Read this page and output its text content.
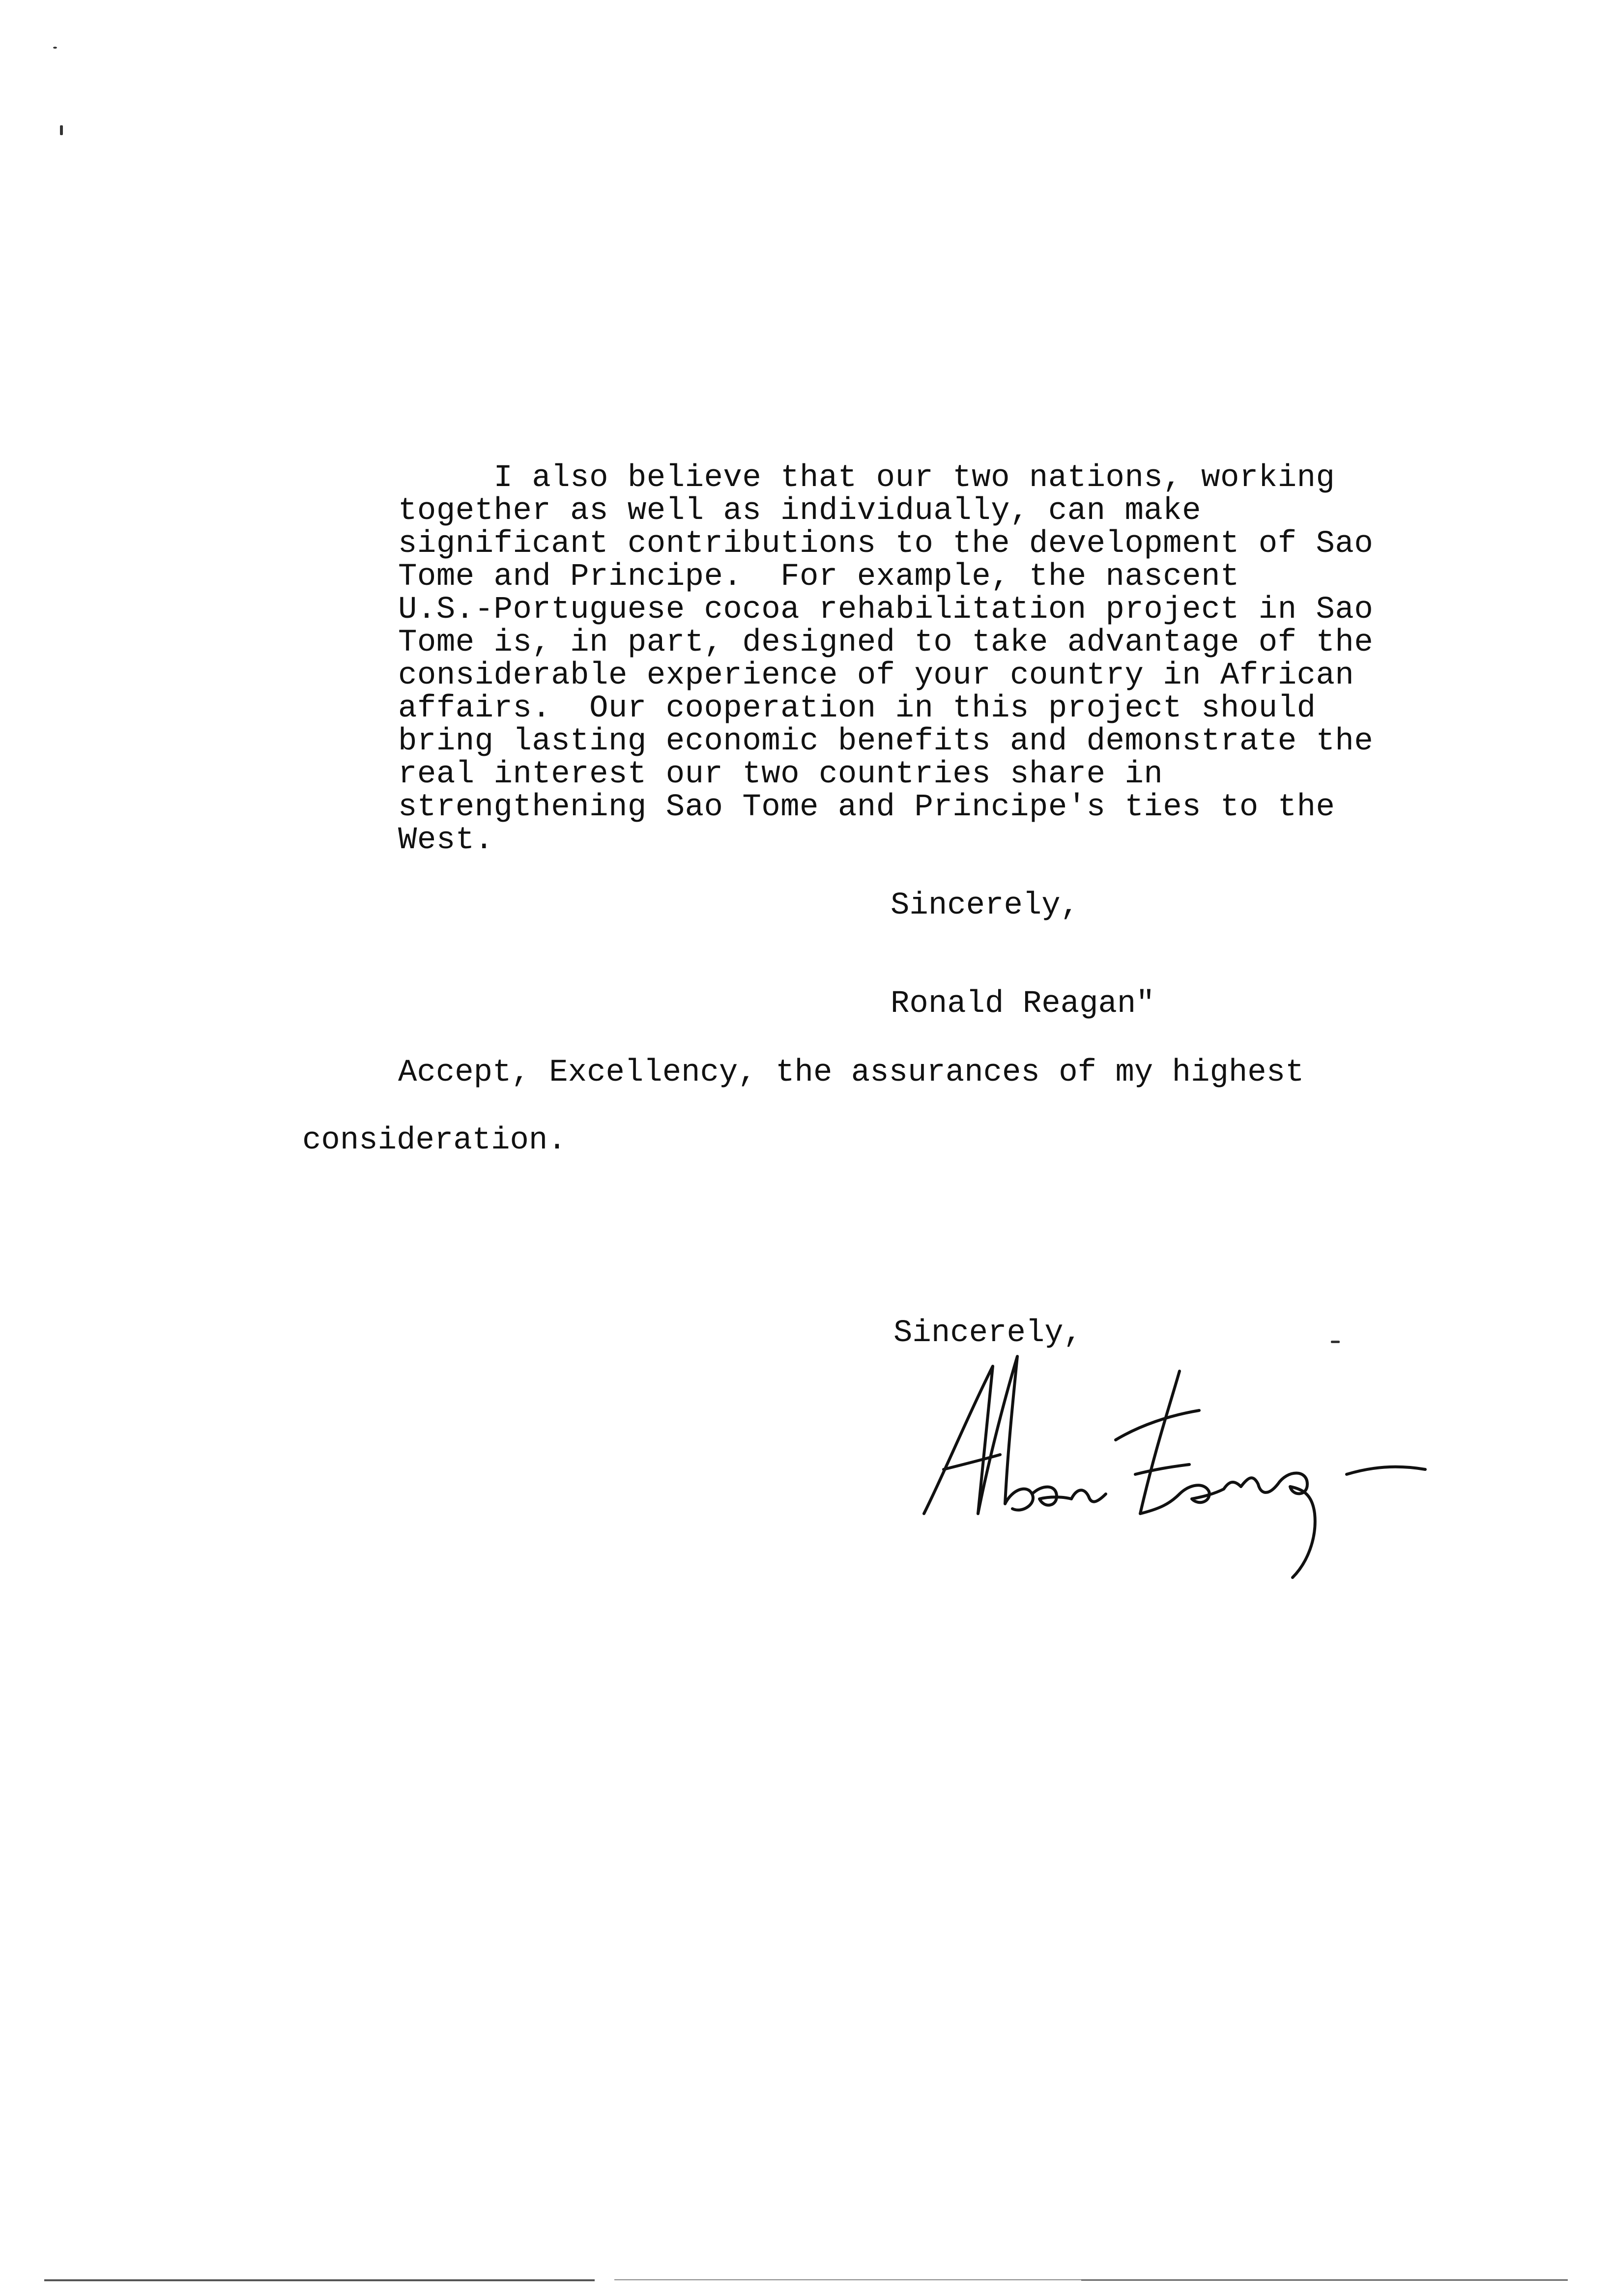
I also believe that our two nations, working
together as well as individually, can make
significant contributions to the development of Sao
Tome and Principe.  For example, the nascent
U.S.-Portuguese cocoa rehabilitation project in Sao
Tome is, in part, designed to take advantage of the
considerable experience of your country in African
affairs.  Our cooperation in this project should
bring lasting economic benefits and demonstrate the
real interest our two countries share in
strengthening Sao Tome and Principe's ties to the
West.
Sincerely,
Ronald Reagan"
Accept, Excellency, the assurances of my highest
consideration.
Sincerely,
